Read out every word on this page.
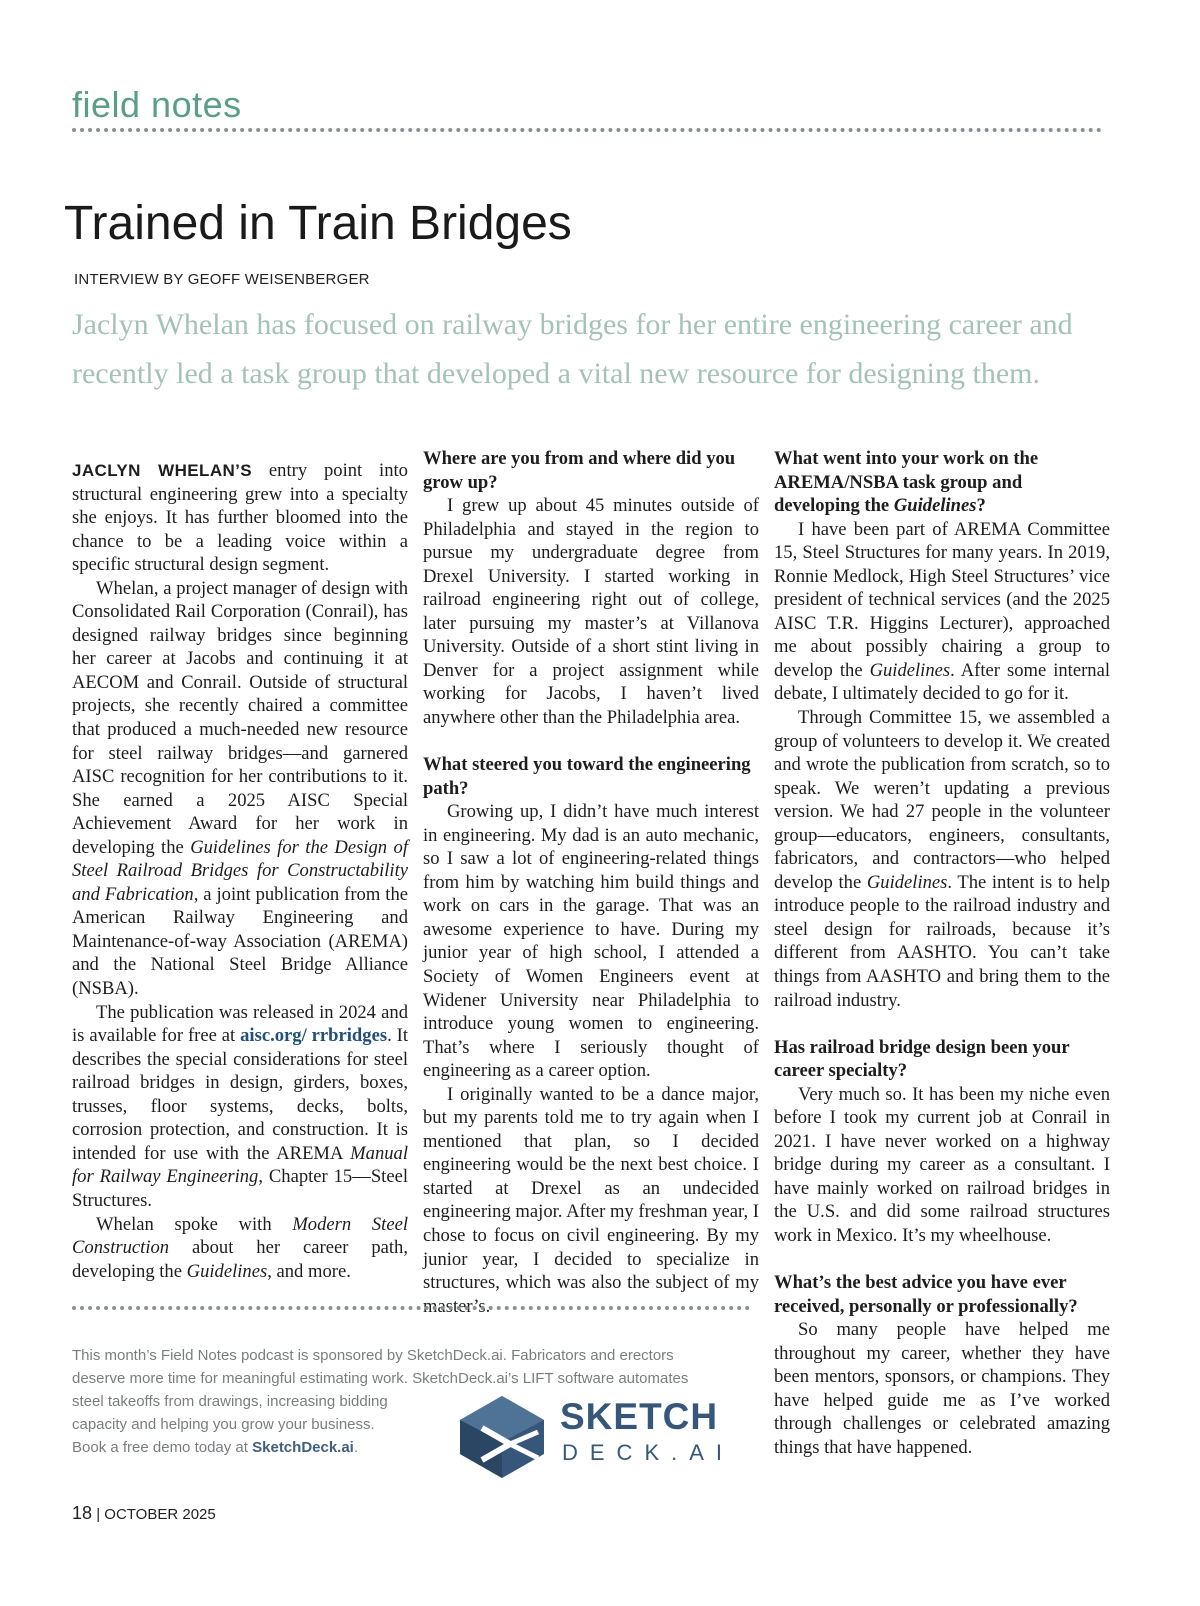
field notes
Trained in Train Bridges
INTERVIEW BY GEOFF WEISENBERGER
Jaclyn Whelan has focused on railway bridges for her entire engineering career and recently led a task group that developed a vital new resource for designing them.

JACLYN WHELAN’S entry point into structural engineering grew into a specialty she enjoys. It has further bloomed into the chance to be a leading voice within a specific structural design segment.

Whelan, a project manager of design with Consolidated Rail Corporation (Conrail), has designed railway bridges since beginning her career at Jacobs and continuing it at AECOM and Conrail. Outside of structural projects, she recently chaired a committee that produced a much-needed new resource for steel railway bridges—and garnered AISC recognition for her contributions to it. She earned a 2025 AISC Special Achievement Award for her work in developing the Guidelines for the Design of Steel Railroad Bridges for Constructability and Fabrication, a joint publication from the American Railway Engineering and Maintenance-of-way Association (AREMA) and the National Steel Bridge Alliance (NSBA).

The publication was released in 2024 and is available for free at aisc.org/ rrbridges. It describes the special considerations for steel railroad bridges in design, girders, boxes, trusses, floor systems, decks, bolts, corrosion protection, and construction. It is intended for use with the AREMA Manual for Railway Engineering, Chapter 15—Steel Structures.

Whelan spoke with Modern Steel Construction about her career path, developing the Guidelines, and more.

Where are you from and where did you grow up?

I grew up about 45 minutes outside of Philadelphia and stayed in the region to pursue my undergraduate degree from Drexel University. I started working in railroad engineering right out of college, later pursuing my master’s at Villanova University. Outside of a short stint living in Denver for a project assignment while working for Jacobs, I haven’t lived anywhere other than the Philadelphia area.

What steered you toward the engineering path?

Growing up, I didn’t have much interest in engineering. My dad is an auto mechanic, so I saw a lot of engineering-related things from him by watching him build things and work on cars in the garage. That was an awesome experience to have. During my junior year of high school, I attended a Society of Women Engineers event at Widener University near Philadelphia to introduce young women to engineering. That’s where I seriously thought of engineering as a career option.

I originally wanted to be a dance major, but my parents told me to try again when I mentioned that plan, so I decided engineering would be the next best choice. I started at Drexel as an undecided engineering major. After my freshman year, I chose to focus on civil engineering. By my junior year, I decided to specialize in structures, which was also the subject of my master’s.

What went into your work on the AREMA/NSBA task group and developing the Guidelines?

I have been part of AREMA Committee 15, Steel Structures for many years. In 2019, Ronnie Medlock, High Steel Structures’ vice president of technical services (and the 2025 AISC T.R. Higgins Lecturer), approached me about possibly chairing a group to develop the Guidelines. After some internal debate, I ultimately decided to go for it.

Through Committee 15, we assembled a group of volunteers to develop it. We created and wrote the publication from scratch, so to speak. We weren’t updating a previous version. We had 27 people in the volunteer group—educators, engineers, consultants, fabricators, and contractors—who helped develop the Guidelines. The intent is to help introduce people to the railroad industry and steel design for railroads, because it’s different from AASHTO. You can’t take things from AASHTO and bring them to the railroad industry.

Has railroad bridge design been your career specialty?

Very much so. It has been my niche even before I took my current job at Conrail in 2021. I have never worked on a highway bridge during my career as a consultant. I have mainly worked on railroad bridges in the U.S. and did some railroad structures work in Mexico. It’s my wheelhouse.

What’s the best advice you have ever received, personally or professionally?

So many people have helped me throughout my career, whether they have been mentors, sponsors, or champions. They have helped guide me as I’ve worked through challenges or celebrated amazing things that have happened.

This month’s Field Notes podcast is sponsored by SketchDeck.ai. Fabricators and erectors
deserve more time for meaningful estimating work. SketchDeck.ai’s LIFT software automates
steel takeoffs from drawings, increasing bidding
capacity and helping you grow your business.
Book a free demo today at SketchDeck.ai.
SKETCH
DECK.AI
18 | OCTOBER 2025
